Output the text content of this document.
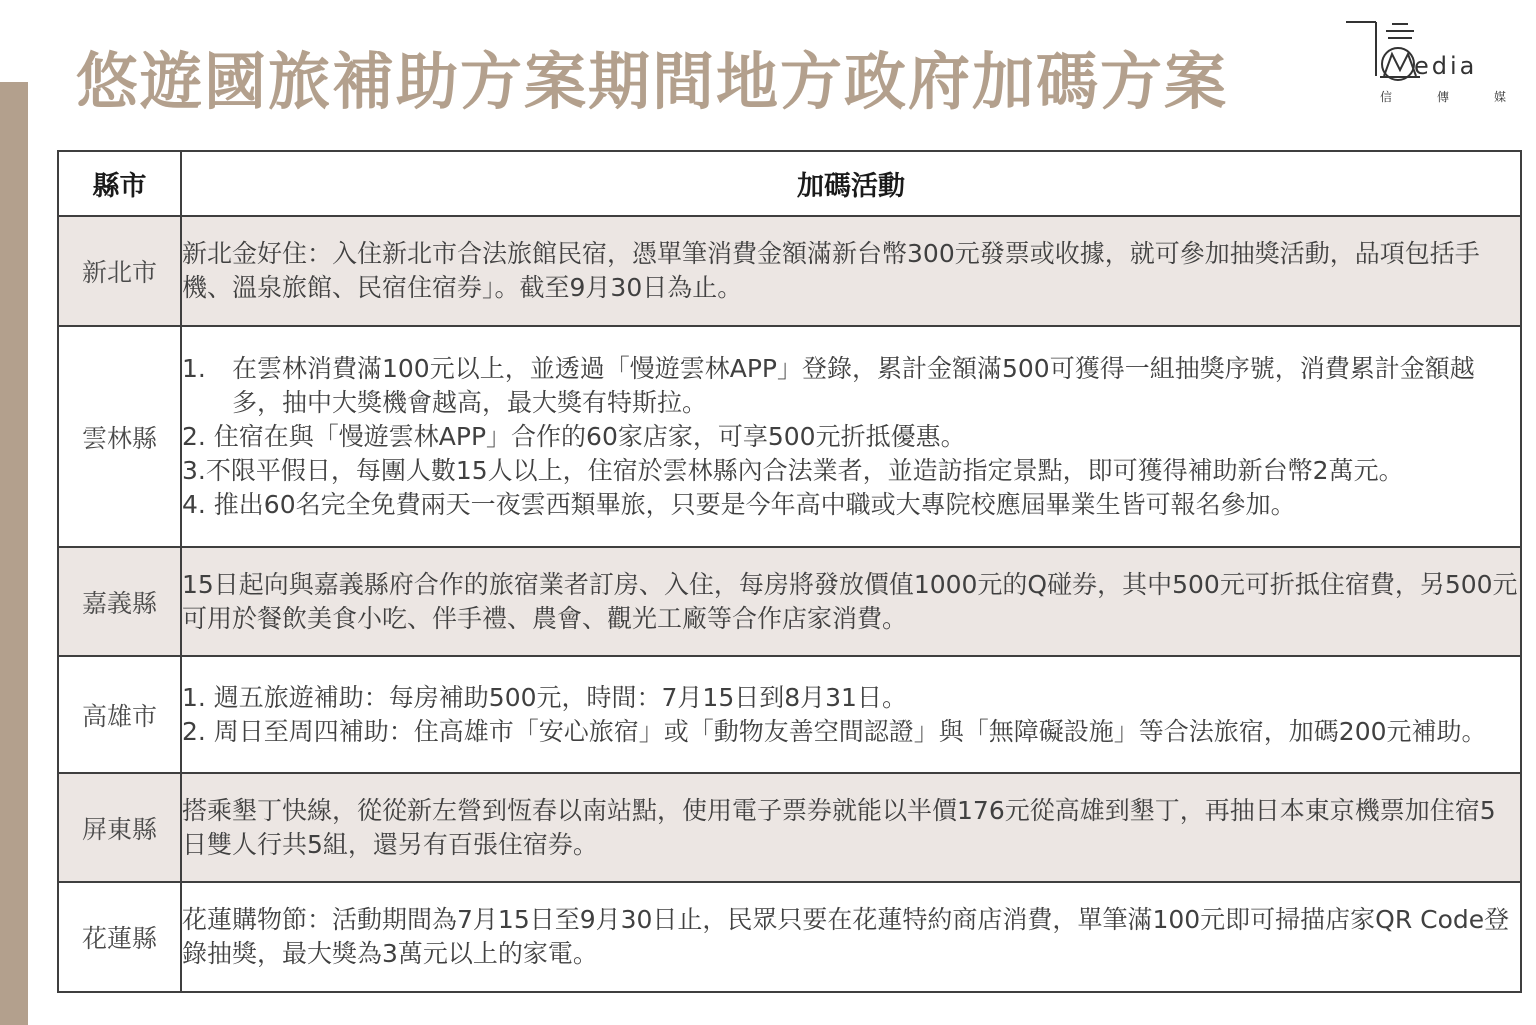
悠遊國旅補助方案期間地方政府加碼方案	edia
信	傳	媒
縣市	加碼活動
新北市	新北金好住：入住新北市合法旅館民宿，憑單筆消費金額滿新台幣300元發票或收據，就可參加抽獎活動，品項包括手機、溫泉旅館、民宿住宿券」。截至9月30日為止。

雲林縣	1. 在雲林消費滿100元以上，並透過「慢遊雲林APP」登錄，累計金額滿500可獲得一組抽獎序號，消費累計金額越多，抽中大獎機會越高，最大獎有特斯拉。
2. 住宿在與「慢遊雲林APP」合作的60家店家，可享500元折抵優惠。
3.不限平假日，每團人數15人以上，住宿於雲林縣內合法業者，並造訪指定景點，即可獲得補助新台幣2萬元。
4. 推出60名完全免費兩天一夜雲西類畢旅，只要是今年高中職或大專院校應屆畢業生皆可報名參加。

嘉義縣	15日起向與嘉義縣府合作的旅宿業者訂房、入住，每房將發放價值1000元的Q碰券，其中500元可折抵住宿費，另500元可用於餐飲美食小吃、伴手禮、農會、觀光工廠等合作店家消費。

高雄市	1. 週五旅遊補助：每房補助500元，時間：7月15日到8月31日。
2. 周日至周四補助：住高雄市「安心旅宿」或「動物友善空間認證」與「無障礙設施」等合法旅宿，加碼200元補助。

屏東縣	搭乘墾丁快線，從從新左營到恆春以南站點，使用電子票券就能以半價176元從高雄到墾丁，再抽日本東京機票加住宿5日雙人行共5組，還另有百張住宿券。

花蓮縣	花蓮購物節：活動期間為7月15日至9月30日止，民眾只要在花蓮特約商店消費，單筆滿100元即可掃描店家QR Code登錄抽獎，最大獎為3萬元以上的家電。
